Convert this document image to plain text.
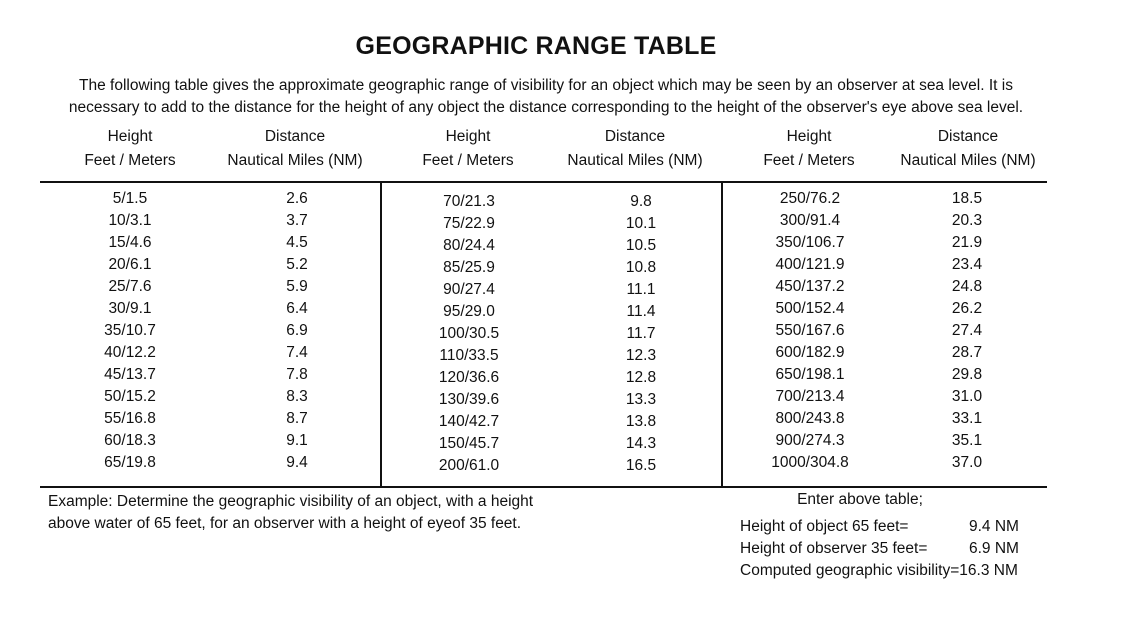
GEOGRAPHIC RANGE TABLE
The following table gives the approximate geographic range of visibility for an object which may be seen by an observer at sea level. It is
necessary to add to the distance for the height of any object the distance corresponding to the height of the observer's eye above sea level.
Height
Feet / Meters
Distance
Nautical Miles (NM)
Height
Feet / Meters
Distance
Nautical Miles (NM)
Height
Feet / Meters
Distance
Nautical Miles (NM)
5/1.5
10/3.1
15/4.6
20/6.1
25/7.6
30/9.1
35/10.7
40/12.2
45/13.7
50/15.2
55/16.8
60/18.3
65/19.8
2.6
3.7
4.5
5.2
5.9
6.4
6.9
7.4
7.8
8.3
8.7
9.1
9.4
70/21.3
75/22.9
80/24.4
85/25.9
90/27.4
95/29.0
100/30.5
110/33.5
120/36.6
130/39.6
140/42.7
150/45.7
200/61.0
9.8
10.1
10.5
10.8
11.1
11.4
11.7
12.3
12.8
13.3
13.8
14.3
16.5
250/76.2
300/91.4
350/106.7
400/121.9
450/137.2
500/152.4
550/167.6
600/182.9
650/198.1
700/213.4
800/243.8
900/274.3
1000/304.8
18.5
20.3
21.9
23.4
24.8
26.2
27.4
28.7
29.8
31.0
33.1
35.1
37.0
Example: Determine the geographic visibility of an object, with a height
above water of 65 feet, for an observer with a height of eyeof 35 feet.
Enter above table;
Height of object 65 feet=	9.4 NM
Height of observer 35 feet=	6.9 NM
Computed geographic visibility=16.3 NM
